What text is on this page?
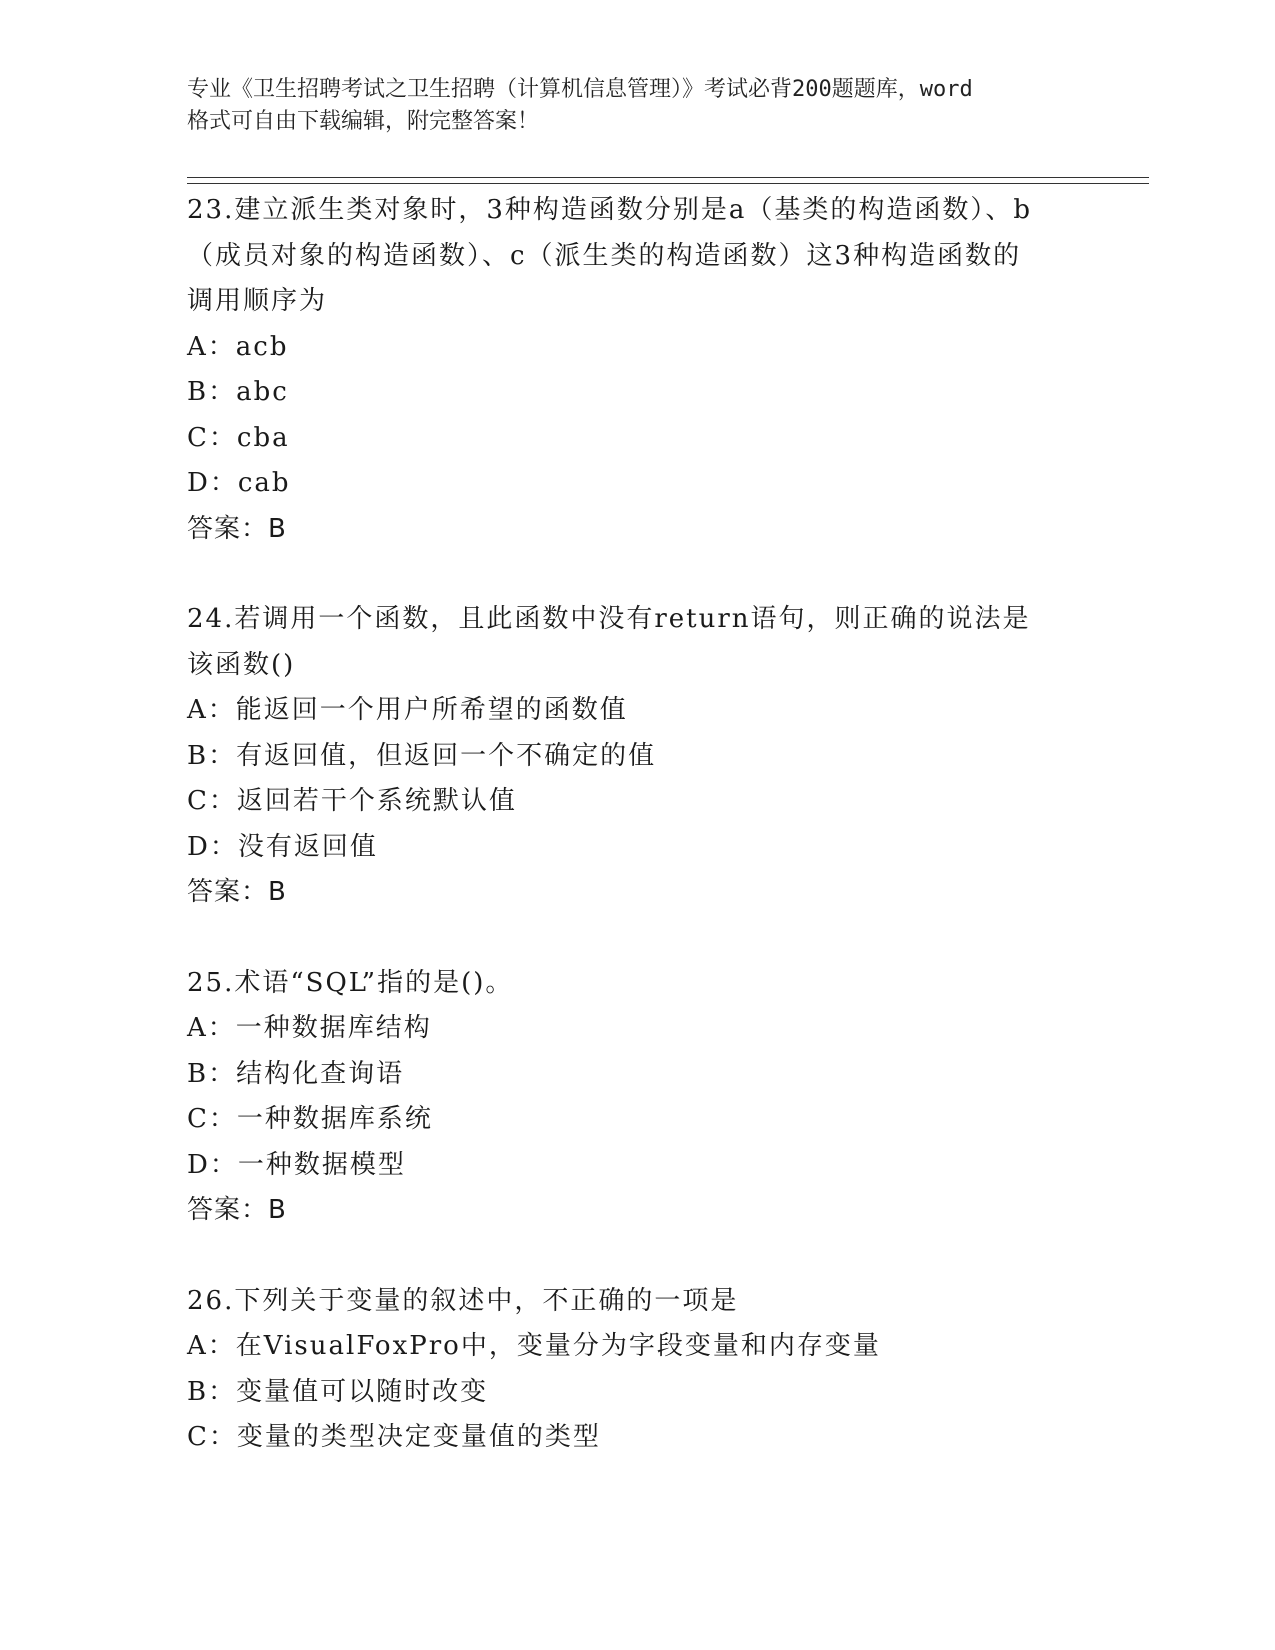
专业《卫生招聘考试之卫生招聘（计算机信息管理）》考试必背200题题库，word
格式可自由下载编辑，附完整答案！
23.建立派生类对象时，3种构造函数分别是a（基类的构造函数）、b
（成员对象的构造函数）、c（派生类的构造函数）这3种构造函数的
调用顺序为
A：acb
B：abc
C：cba
D：cab
答案：B
24.若调用一个函数，且此函数中没有return语句，则正确的说法是
该函数()
A：能返回一个用户所希望的函数值
B：有返回值，但返回一个不确定的值
C：返回若干个系统默认值
D：没有返回值
答案：B
25.术语“SQL”指的是()。
A：一种数据库结构
B：结构化查询语
C：一种数据库系统
D：一种数据模型
答案：B
26.下列关于变量的叙述中，不正确的一项是
A：在VisualFoxPro中，变量分为字段变量和内存变量
B：变量值可以随时改变
C：变量的类型决定变量值的类型
